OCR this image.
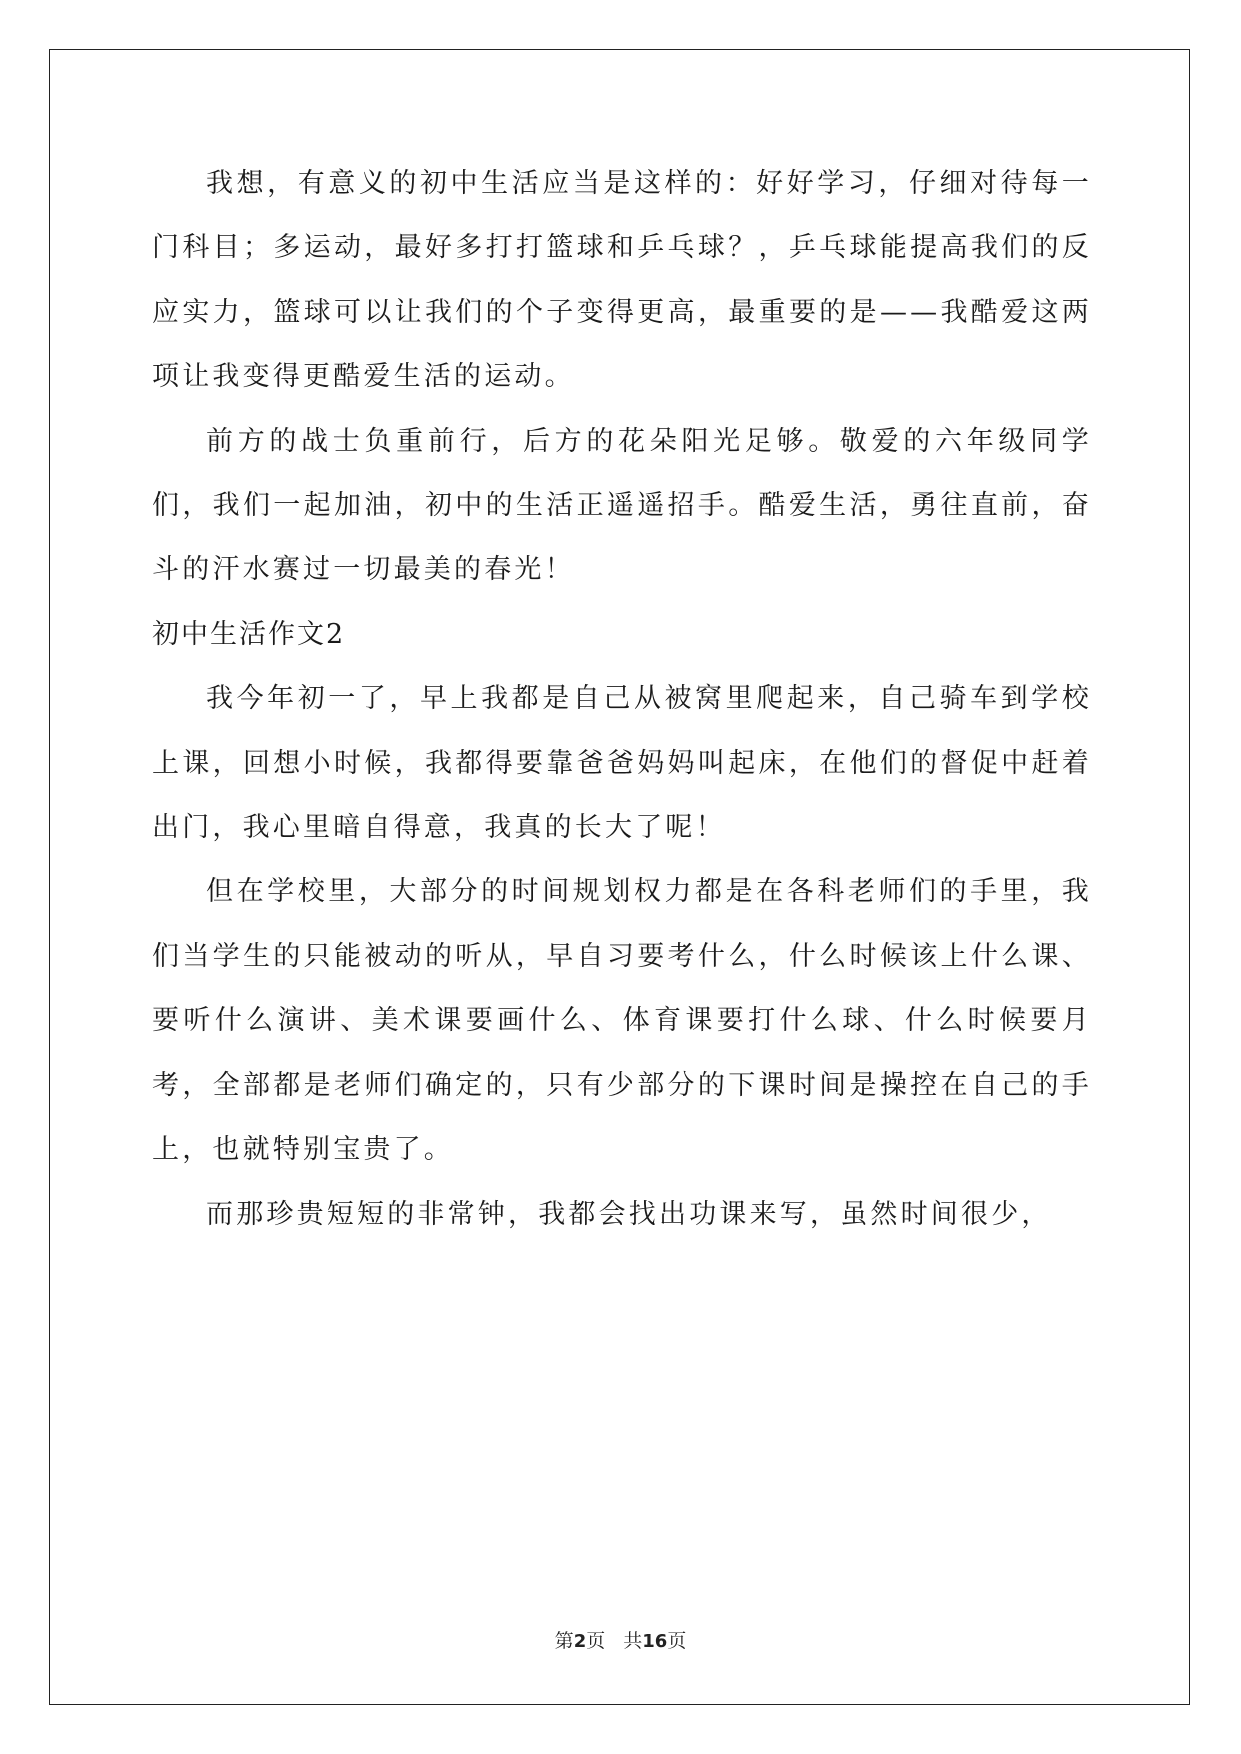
我想，有意义的初中生活应当是这样的：好好学习，仔细对待每一门科目；多运动，最好多打打篮球和乒乓球？，乒乓球能提高我们的反应实力，篮球可以让我们的个子变得更高，最重要的是——我酷爱这两项让我变得更酷爱生活的运动。

前方的战士负重前行，后方的花朵阳光足够。敬爱的六年级同学们，我们一起加油，初中的生活正遥遥招手。酷爱生活，勇往直前，奋斗的汗水赛过一切最美的春光！

初中生活作文2

我今年初一了，早上我都是自己从被窝里爬起来，自己骑车到学校上课，回想小时候，我都得要靠爸爸妈妈叫起床，在他们的督促中赶着出门，我心里暗自得意，我真的长大了呢！

但在学校里，大部分的时间规划权力都是在各科老师们的手里，我们当学生的只能被动的听从，早自习要考什么，什么时候该上什么课、要听什么演讲、美术课要画什么、体育课要打什么球、什么时候要月考，全部都是老师们确定的，只有少部分的下课时间是操控在自己的手上，也就特别宝贵了。

而那珍贵短短的非常钟，我都会找出功课来写，虽然时间很少，

第2页 共16页
